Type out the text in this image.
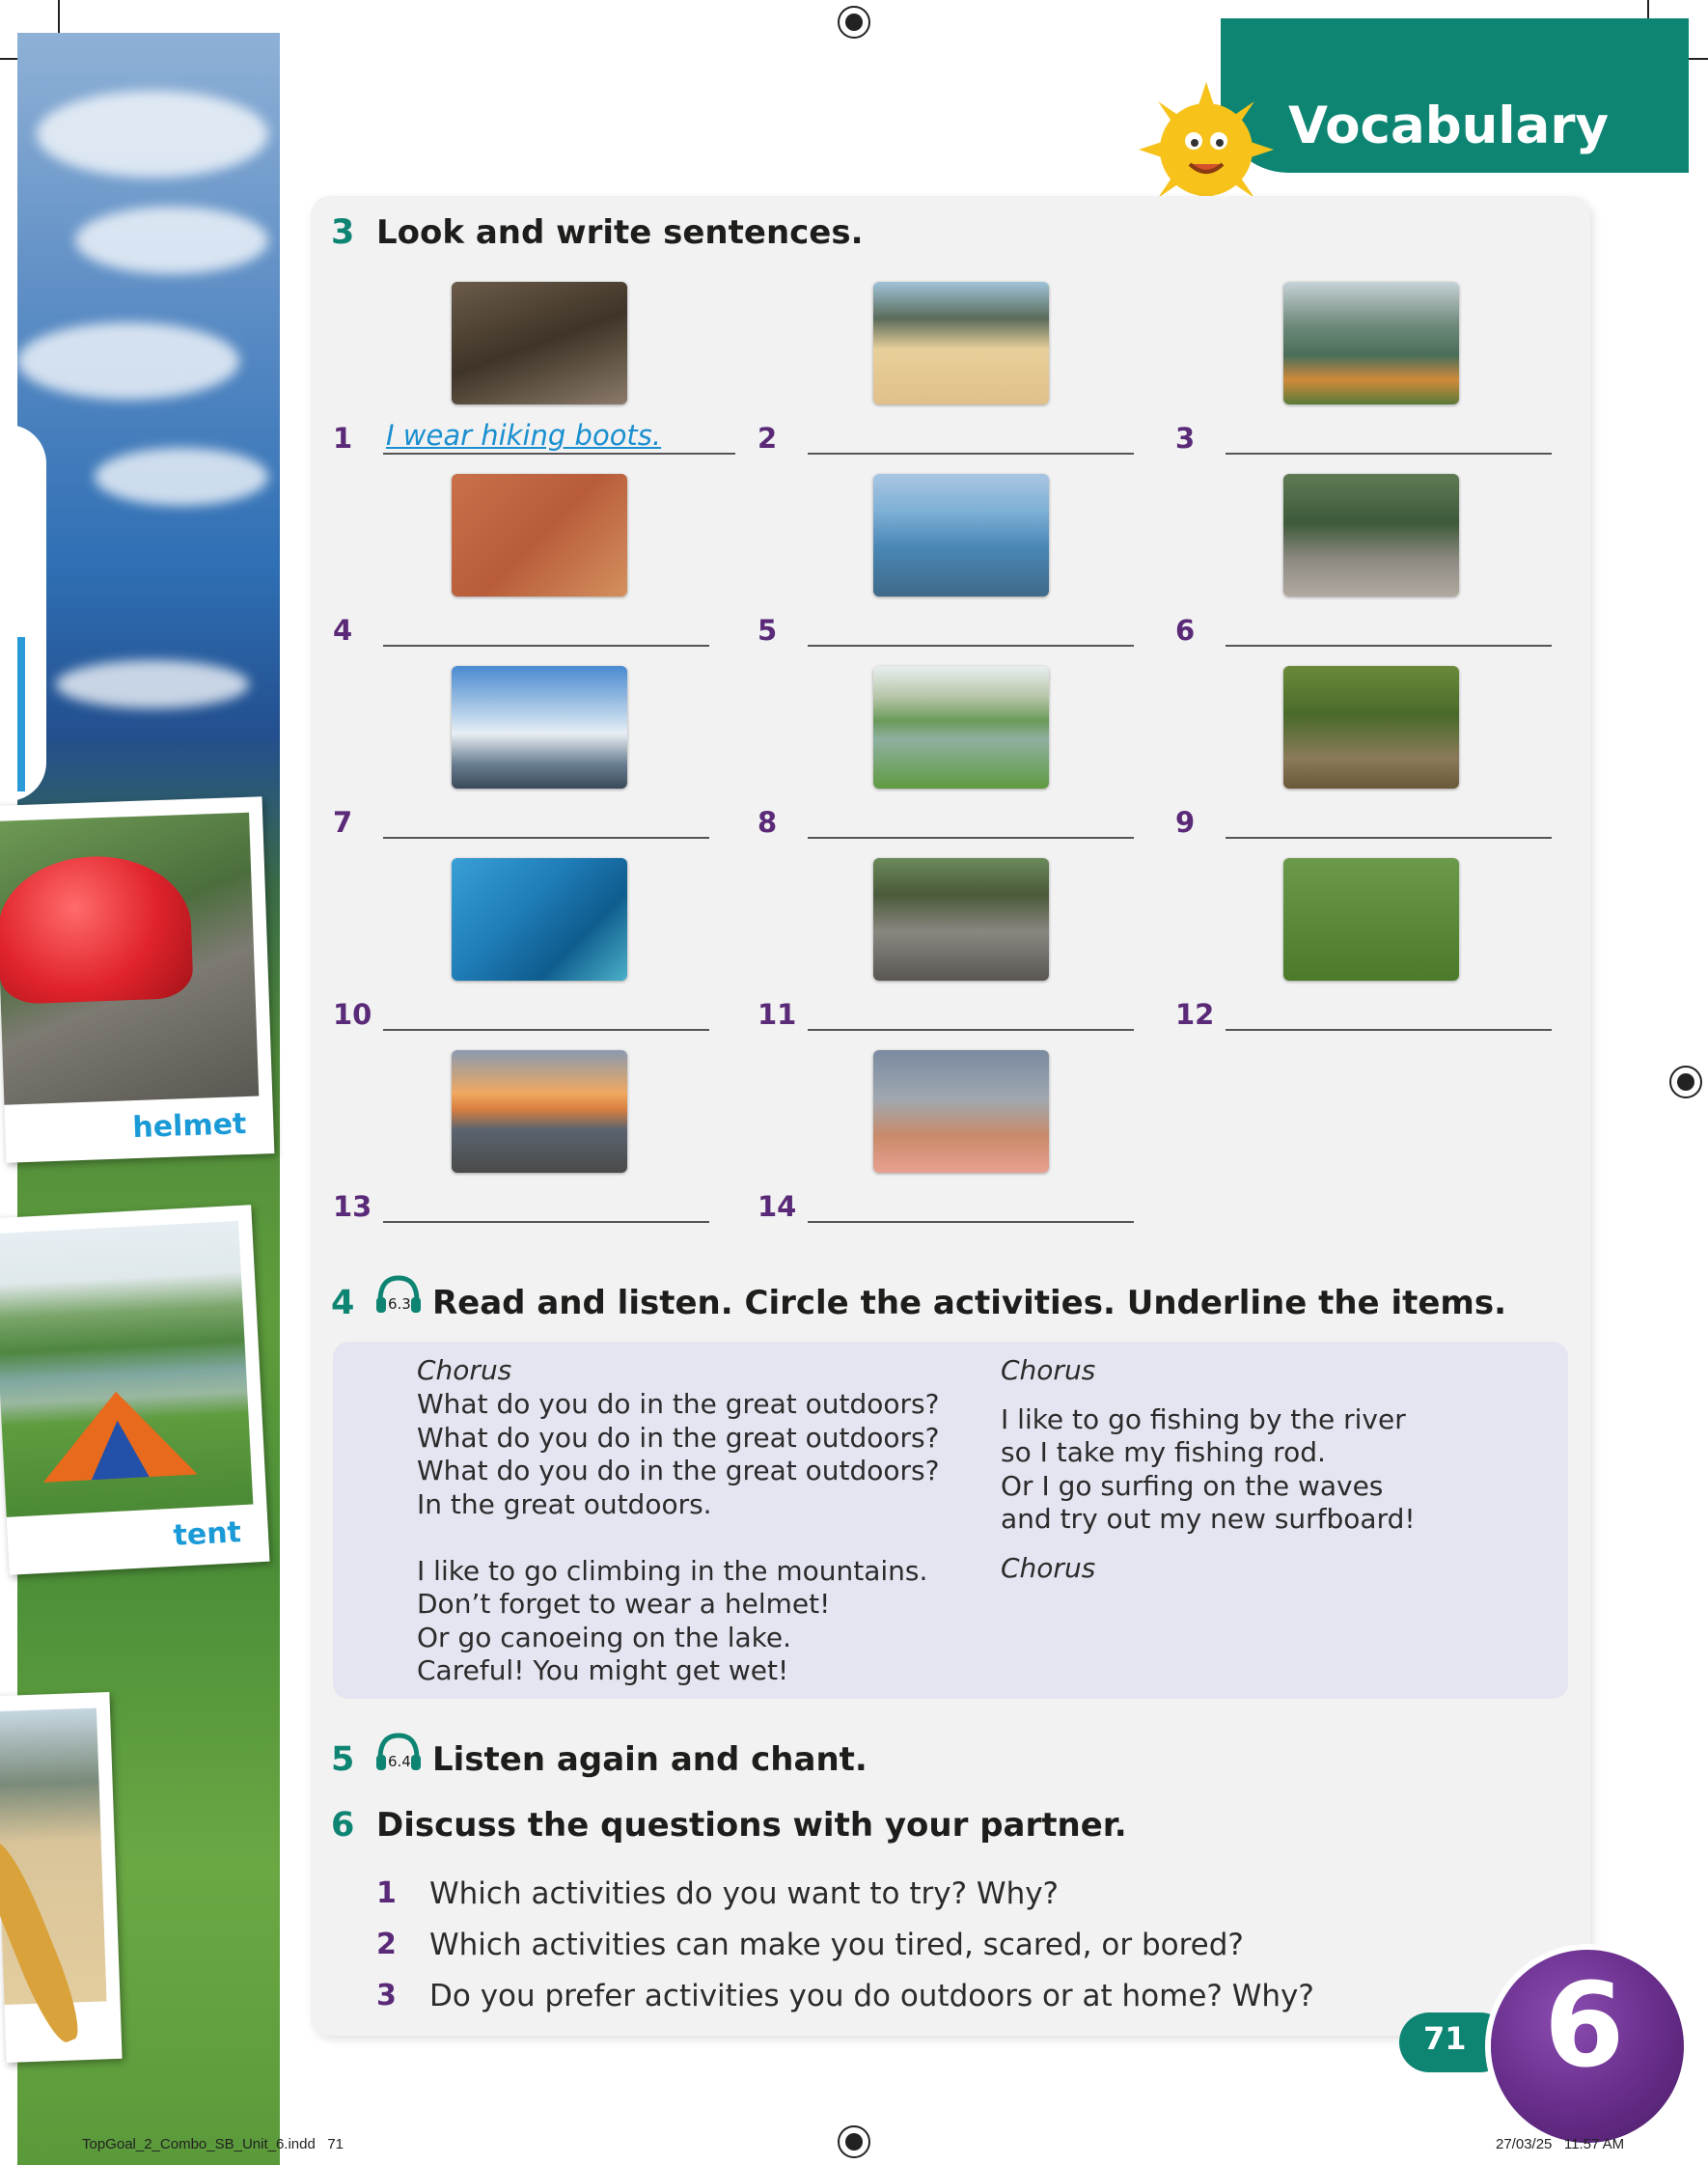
helmet
tent
Vocabulary
3 Look and write sentences.
1 I wear hiking boots.	2	3
4	5	6
7	8	9
10	11	12
13	14
4 6.3 Read and listen. Circle the activities. Underline the items.
Chorus
What do you do in the great outdoors?
What do you do in the great outdoors?
What do you do in the great outdoors?
In the great outdoors.
I like to go climbing in the mountains.
Don’t forget to wear a helmet!
Or go canoeing on the lake.
Careful! You might get wet!
Chorus
I like to go fishing by the river
so I take my fishing rod.
Or I go surfing on the waves
and try out my new surfboard!
Chorus
5 6.4 Listen again and chant.
6 Discuss the questions with your partner.
1 Which activities do you want to try? Why?
2 Which activities can make you tired, scared, or bored?
3 Do you prefer activities you do outdoors or at home? Why?
71 6
TopGoal_2_Combo_SB_Unit_6.indd   71	27/03/25   11:57 AM
